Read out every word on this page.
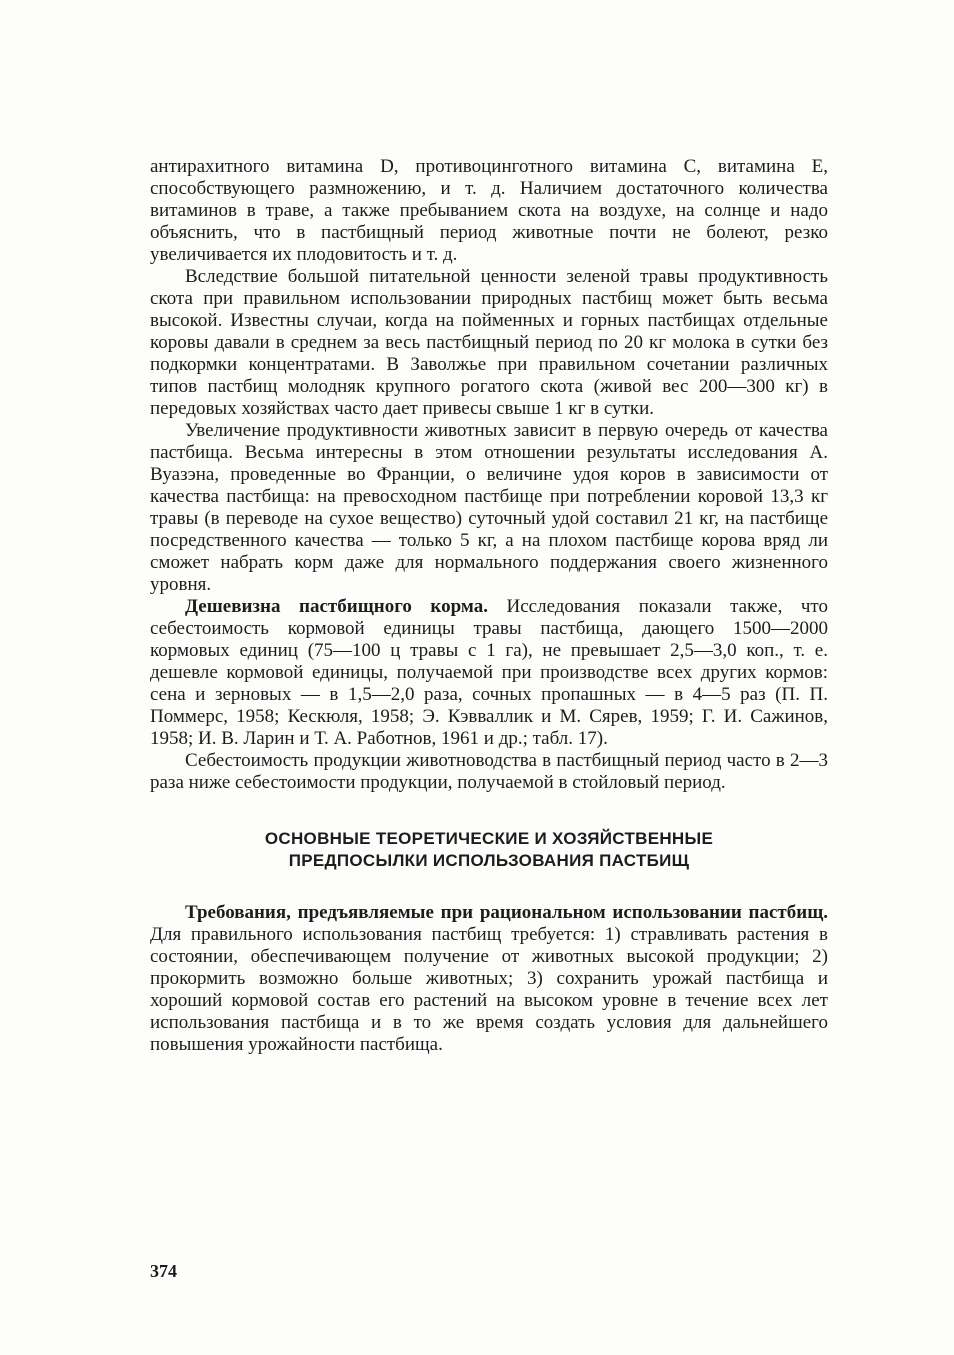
антирахитного витамина D, противоцинготного витамина C, витамина E, способствующего размножению, и т. д. Наличием достаточного количества витаминов в траве, а также пребыванием скота на воздухе, на солнце и надо объяснить, что в пастбищный период животные почти не болеют, резко увеличивается их плодовитость и т. д.

Вследствие большой питательной ценности зеленой травы продуктивность скота при правильном использовании природных пастбищ может быть весьма высокой. Известны случаи, когда на пойменных и горных пастбищах отдельные коровы давали в среднем за весь пастбищный период по 20 кг молока в сутки без подкормки концентратами. В Заволжье при правильном сочетании различных типов пастбищ молодняк крупного рогатого скота (живой вес 200—300 кг) в передовых хозяйствах часто дает привесы свыше 1 кг в сутки.

Увеличение продуктивности животных зависит в первую очередь от качества пастбища. Весьма интересны в этом отношении результаты исследования А. Вуазэна, проведенные во Франции, о величине удоя коров в зависимости от качества пастбища: на превосходном пастбище при потреблении коровой 13,3 кг травы (в переводе на сухое вещество) суточный удой составил 21 кг, на пастбище посредственного качества — только 5 кг, а на плохом пастбище корова вряд ли сможет набрать корм даже для нормального поддержания своего жизненного уровня.

Дешевизна пастбищного корма. Исследования показали также, что себестоимость кормовой единицы травы пастбища, дающего 1500—2000 кормовых единиц (75—100 ц травы с 1 га), не превышает 2,5—3,0 коп., т. е. дешевле кормовой единицы, получаемой при производстве всех других кормов: сена и зерновых — в 1,5—2,0 раза, сочных пропашных — в 4—5 раз (П. П. Поммерс, 1958; Кескюля, 1958; Э. Кэвваллик и М. Сярев, 1959; Г. И. Сажинов, 1958; И. В. Ларин и Т. А. Работнов, 1961 и др.; табл. 17).

Себестоимость продукции животноводства в пастбищный период часто в 2—3 раза ниже себестоимости продукции, получаемой в стойловый период.

ОСНОВНЫЕ ТЕОРЕТИЧЕСКИЕ И ХОЗЯЙСТВЕННЫЕ
ПРЕДПОСЫЛКИ ИСПОЛЬЗОВАНИЯ ПАСТБИЩ

Требования, предъявляемые при рациональном использовании пастбищ. Для правильного использования пастбищ требуется: 1) стравливать растения в состоянии, обеспечивающем получение от животных высокой продукции; 2) прокормить возможно больше животных; 3) сохранить урожай пастбища и хороший кормовой состав его растений на высоком уровне в течение всех лет использования пастбища и в то же время создать условия для дальнейшего повышения урожайности пастбища.

374
